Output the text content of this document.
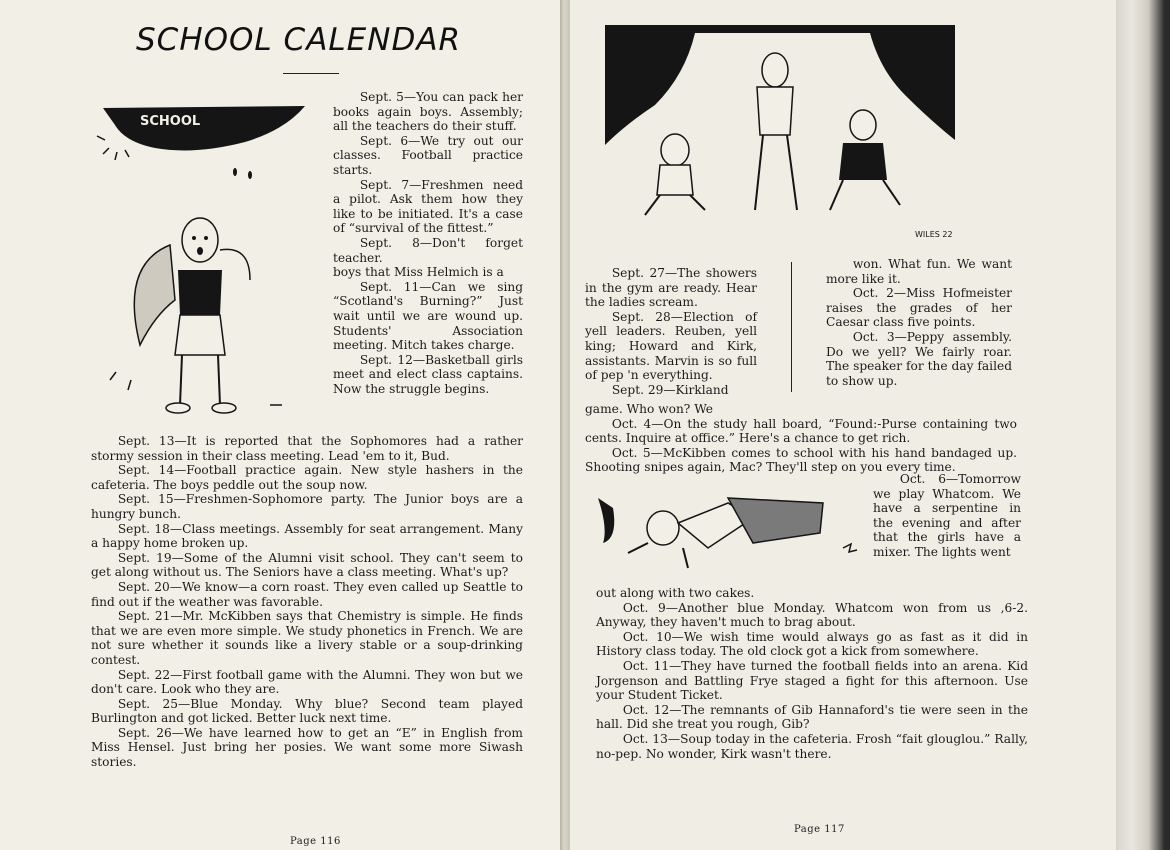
SCHOOL CALENDAR
SCHOOL

Sept. 5—You can pack her books again boys. Assembly; all the teachers do their stuff.

Sept. 6—We try out our classes. Football practice starts.

Sept. 7—Freshmen need a pilot. Ask them how they like to be initiated. It's a case of “survival of the fittest.”

Sept. 8—Don't forget teacher.

boys that Miss Helmich is a

Sept. 11—Can we sing “Scotland's Burning?” Just wait until we are wound up. Students' Association meeting. Mitch takes charge.

Sept. 12—Basketball girls meet and elect class captains. Now the struggle begins.

Sept. 13—It is reported that the Sophomores had a rather stormy session in their class meeting. Lead 'em to it, Bud.

Sept. 14—Football practice again. New style hashers in the cafeteria. The boys peddle out the soup now.

Sept. 15—Freshmen-Sophomore party. The Junior boys are a hungry bunch.

Sept. 18—Class meetings. Assembly for seat arrangement. Many a happy home broken up.

Sept. 19—Some of the Alumni visit school. They can't seem to get along without us. The Seniors have a class meeting. What's up?

Sept. 20—We know—a corn roast. They even called up Seattle to find out if the weather was favorable.

Sept. 21—Mr. McKibben says that Chemistry is simple. He finds that we are even more simple. We study phonetics in French. We are not sure whether it sounds like a livery stable or a soup-drinking contest.

Sept. 22—First football game with the Alumni. They won but we don't care. Look who they are.

Sept. 25—Blue Monday. Why blue? Second team played Burlington and got licked. Better luck next time.

Sept. 26—We have learned how to get an “E” in English from Miss Hensel. Just bring her posies. We want some more Siwash stories.

Page 116
WILES 22

Sept. 27—The showers in the gym are ready. Hear the ladies scream.

Sept. 28—Election of yell leaders. Reuben, yell king; Howard and Kirk, assistants. Marvin is so full of pep 'n everything.

Sept. 29—Kirkland

won. What fun. We want more like it.

Oct. 2—Miss Hofmeister raises the grades of her Caesar class five points.

Oct. 3—Peppy assembly. Do we yell? We fairly roar. The speaker for the day failed to show up.

game. Who won? We

Oct. 4—On the study hall board, “Found:-Purse containing two cents. Inquire at office.” Here's a chance to get rich.

Oct. 5—McKibben comes to school with his hand bandaged up. Shooting snipes again, Mac? They'll step on you every time.

Oct. 6—Tomorrow we play Whatcom. We have a serpentine in the evening and after that the girls have a mixer. The lights went

out along with two cakes.

Oct. 9—Another blue Monday. Whatcom won from us ,6-2. Anyway, they haven't much to brag about.

Oct. 10—We wish time would always go as fast as it did in History class today. The old clock got a kick from somewhere.

Oct. 11—They have turned the football fields into an arena. Kid Jorgenson and Battling Frye staged a fight for this afternoon. Use your Student Ticket.

Oct. 12—The remnants of Gib Hannaford's tie were seen in the hall. Did she treat you rough, Gib?

Oct. 13—Soup today in the cafeteria. Frosh “fait glouglou.” Rally, no-pep. No wonder, Kirk wasn't there.

Page 117
